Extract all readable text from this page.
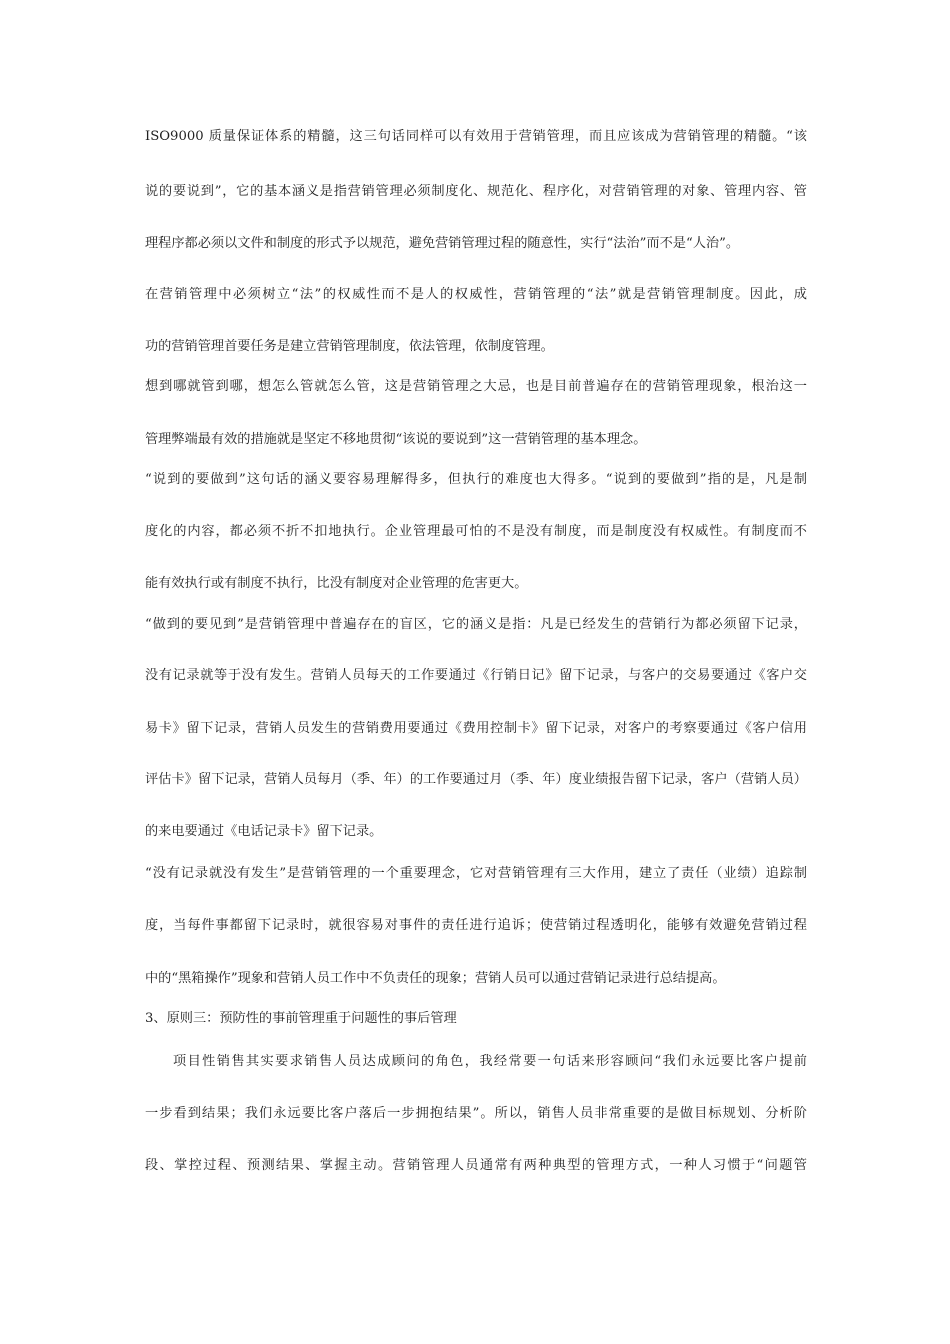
ISO9000 质量保证体系的精髓，这三句话同样可以有效用于营销管理，而且应该成为营销管理的精髓。“该
说的要说到”，它的基本涵义是指营销管理必须制度化、规范化、程序化，对营销管理的对象、管理内容、管
理程序都必须以文件和制度的形式予以规范，避免营销管理过程的随意性，实行“法治”而不是“人治”。
在营销管理中必须树立“法”的权威性而不是人的权威性，营销管理的“法”就是营销管理制度。因此，成
功的营销管理首要任务是建立营销管理制度，依法管理，依制度管理。
想到哪就管到哪，想怎么管就怎么管，这是营销管理之大忌，也是目前普遍存在的营销管理现象，根治这一
管理弊端最有效的措施就是坚定不移地贯彻“该说的要说到”这一营销管理的基本理念。
“说到的要做到”这句话的涵义要容易理解得多，但执行的难度也大得多。“说到的要做到”指的是，凡是制
度化的内容，都必须不折不扣地执行。企业管理最可怕的不是没有制度，而是制度没有权威性。有制度而不
能有效执行或有制度不执行，比没有制度对企业管理的危害更大。
“做到的要见到”是营销管理中普遍存在的盲区，它的涵义是指：凡是已经发生的营销行为都必须留下记录，
没有记录就等于没有发生。营销人员每天的工作要通过《行销日记》留下记录，与客户的交易要通过《客户交
易卡》留下记录，营销人员发生的营销费用要通过《费用控制卡》留下记录，对客户的考察要通过《客户信用
评估卡》留下记录，营销人员每月（季、年）的工作要通过月（季、年）度业绩报告留下记录，客户（营销人员）
的来电要通过《电话记录卡》留下记录。
“没有记录就没有发生”是营销管理的一个重要理念，它对营销管理有三大作用，建立了责任（业绩）追踪制
度，当每件事都留下记录时，就很容易对事件的责任进行追诉；使营销过程透明化，能够有效避免营销过程
中的“黑箱操作”现象和营销人员工作中不负责任的现象；营销人员可以通过营销记录进行总结提高。
3、原则三：预防性的事前管理重于问题性的事后管理
项目性销售其实要求销售人员达成顾问的角色，我经常要一句话来形容顾问“我们永远要比客户提前
一步看到结果；我们永远要比客户落后一步拥抱结果”。所以，销售人员非常重要的是做目标规划、分析阶
段、掌控过程、预测结果、掌握主动。营销管理人员通常有两种典型的管理方式，一种人习惯于“问题管
